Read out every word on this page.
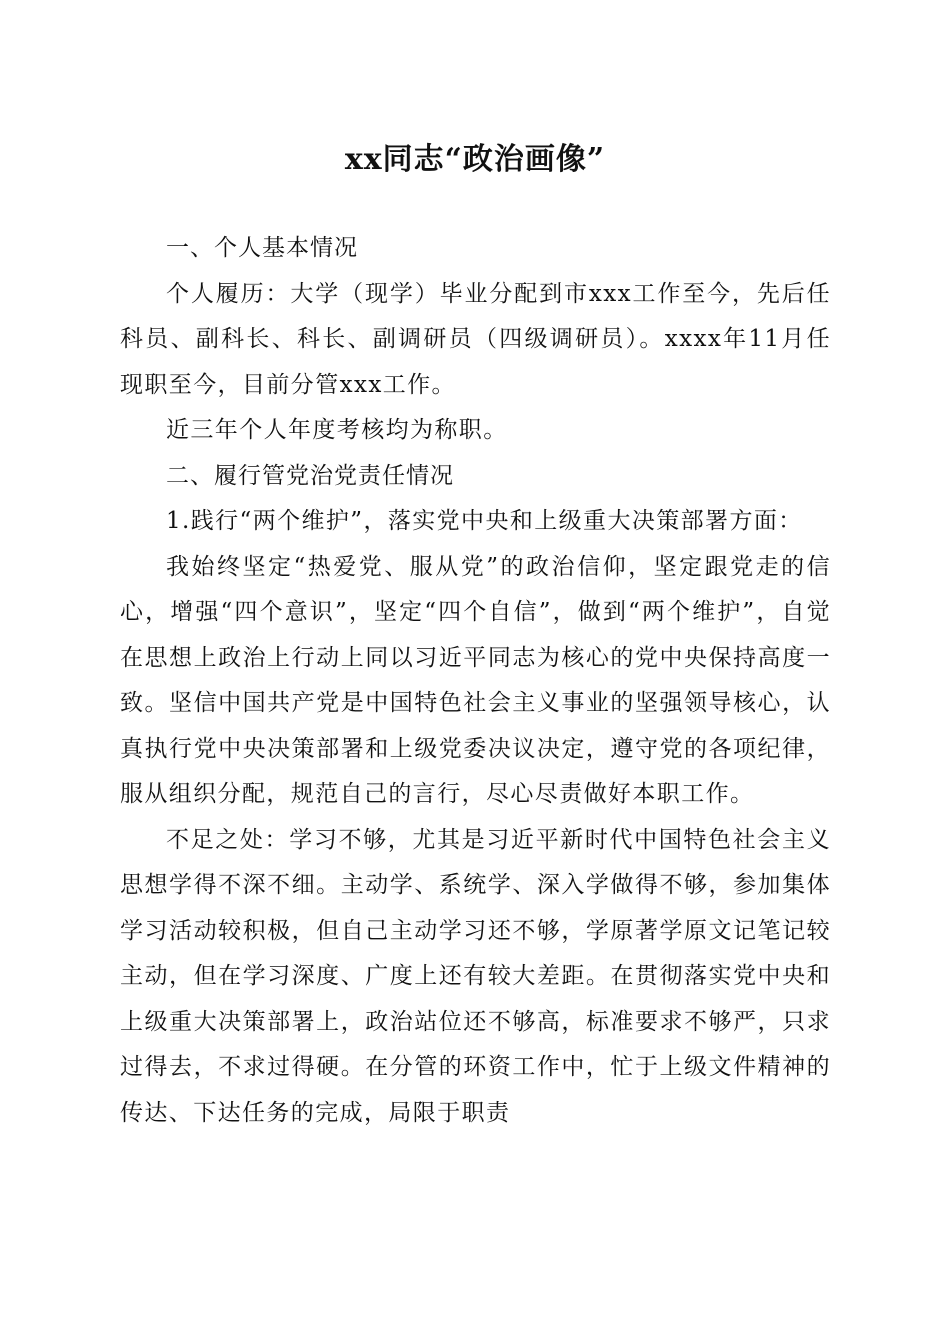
xx同志“政治画像”

一、个人基本情况

个人履历：大学（现学）毕业分配到市xxx工作至今，先后任科员、副科长、科长、副调研员（四级调研员）。xxxx年11月任现职至今，目前分管xxx工作。

近三年个人年度考核均为称职。

二、履行管党治党责任情况

1.践行“两个维护”，落实党中央和上级重大决策部署方面：

我始终坚定“热爱党、服从党”的政治信仰，坚定跟党走的信心，增强“四个意识”，坚定“四个自信”，做到“两个维护”，自觉在思想上政治上行动上同以习近平同志为核心的党中央保持高度一致。坚信中国共产党是中国特色社会主义事业的坚强领导核心，认真执行党中央决策部署和上级党委决议决定，遵守党的各项纪律，服从组织分配，规范自己的言行，尽心尽责做好本职工作。

不足之处：学习不够，尤其是习近平新时代中国特色社会主义思想学得不深不细。主动学、系统学、深入学做得不够，参加集体学习活动较积极，但自己主动学习还不够，学原著学原文记笔记较主动，但在学习深度、广度上还有较大差距。在贯彻落实党中央和上级重大决策部署上，政治站位还不够高，标准要求不够严，只求过得去，不求过得硬。在分管的环资工作中，忙于上级文件精神的传达、下达任务的完成，局限于职责
